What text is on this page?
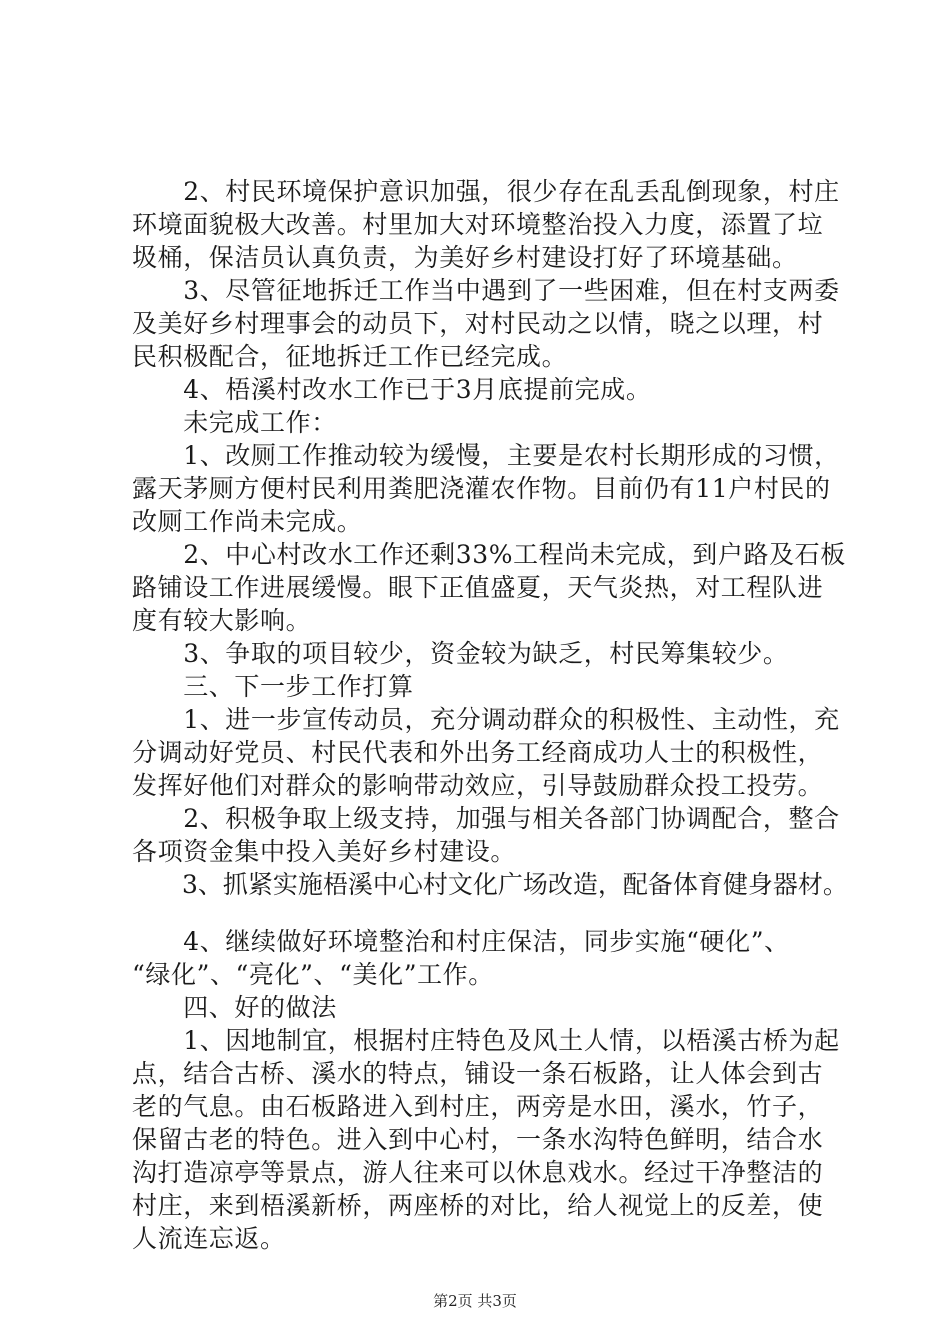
　　2、村民环境保护意识加强，很少存在乱丢乱倒现象，村庄
环境面貌极大改善。村里加大对环境整治投入力度，添置了垃
圾桶，保洁员认真负责，为美好乡村建设打好了环境基础。
　　3、尽管征地拆迁工作当中遇到了一些困难，但在村支两委
及美好乡村理事会的动员下，对村民动之以情，晓之以理，村
民积极配合，征地拆迁工作已经完成。
　　4、梧溪村改水工作已于3月底提前完成。
　　未完成工作：
　　1、改厕工作推动较为缓慢，主要是农村长期形成的习惯，
露天茅厕方便村民利用粪肥浇灌农作物。目前仍有11户村民的
改厕工作尚未完成。
　　2、中心村改水工作还剩33%工程尚未完成，到户路及石板
路铺设工作进展缓慢。眼下正值盛夏，天气炎热，对工程队进
度有较大影响。
　　3、争取的项目较少，资金较为缺乏，村民筹集较少。
　　三、下一步工作打算
　　1、进一步宣传动员，充分调动群众的积极性、主动性，充
分调动好党员、村民代表和外出务工经商成功人士的积极性，
发挥好他们对群众的影响带动效应，引导鼓励群众投工投劳。
　　2、积极争取上级支持，加强与相关各部门协调配合，整合
各项资金集中投入美好乡村建设。
　　3、抓紧实施梧溪中心村文化广场改造，配备体育健身器材。
　　4、继续做好环境整治和村庄保洁，同步实施“硬化”、
“绿化”、“亮化”、“美化”工作。
　　四、好的做法
　　1、因地制宜，根据村庄特色及风土人情，以梧溪古桥为起
点，结合古桥、溪水的特点，铺设一条石板路，让人体会到古
老的气息。由石板路进入到村庄，两旁是水田，溪水，竹子，
保留古老的特色。进入到中心村，一条水沟特色鲜明，结合水
沟打造凉亭等景点，游人往来可以休息戏水。经过干净整洁的
村庄，来到梧溪新桥，两座桥的对比，给人视觉上的反差，使
人流连忘返。
第2页 共3页
